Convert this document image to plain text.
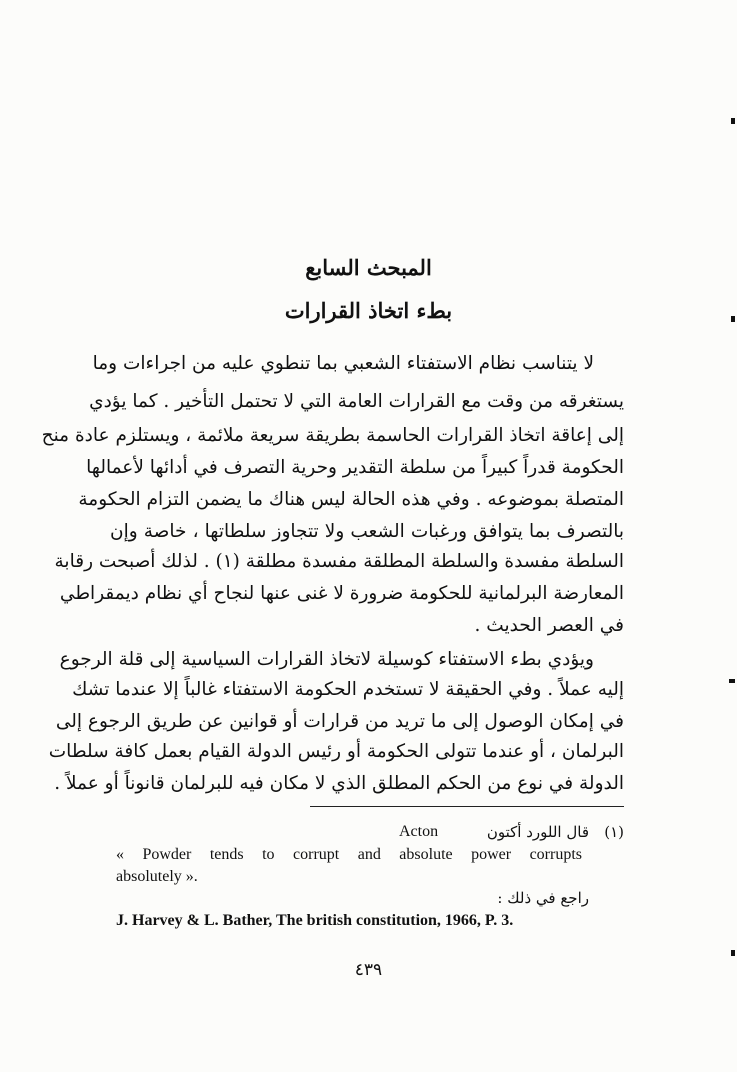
المبحث السابع
بطء اتخاذ القرارات
لا يتناسب نظام الاستفتاء الشعبي بما تنطوي عليه من اجراءات وما
يستغرقه من وقت مع القرارات العامة التي لا تحتمل التأخير . كما يؤدي
إلى إعاقة اتخاذ القرارات الحاسمة بطريقة سريعة ملائمة ، ويستلزم عادة منح
الحكومة قدراً كبيراً من سلطة التقدير وحرية التصرف في أدائها لأعمالها
المتصلة بموضوعه . وفي هذه الحالة ليس هناك ما يضمن التزام الحكومة
بالتصرف بما يتوافق ورغبات الشعب ولا تتجاوز سلطاتها ، خاصة وإن
السلطة مفسدة والسلطة المطلقة مفسدة مطلقة (١) . لذلك أصبحت رقابة
المعارضة البرلمانية للحكومة ضرورة لا غنى عنها لنجاح أي نظام ديمقراطي
في العصر الحديث .
ويؤدي بطء الاستفتاء كوسيلة لاتخاذ القرارات السياسية إلى قلة الرجوع
إليه عملاً . وفي الحقيقة لا تستخدم الحكومة الاستفتاء غالباً إلا عندما تشك
في إمكان الوصول إلى ما تريد من قرارات أو قوانين عن طريق الرجوع إلى
البرلمان ، أو عندما تتولى الحكومة أو رئيس الدولة القيام بعمل كافة سلطات
الدولة في نوع من الحكم المطلق الذي لا مكان فيه للبرلمان قانوناً أو عملاً .
(١)
قال اللورد أكتون
Acton
« Powder tends to corrupt and absolute power corrupts
absolutely ».
راجع في ذلك :
J. Harvey & L. Bather, The british constitution, 1966, P. 3.
٤٣٩
